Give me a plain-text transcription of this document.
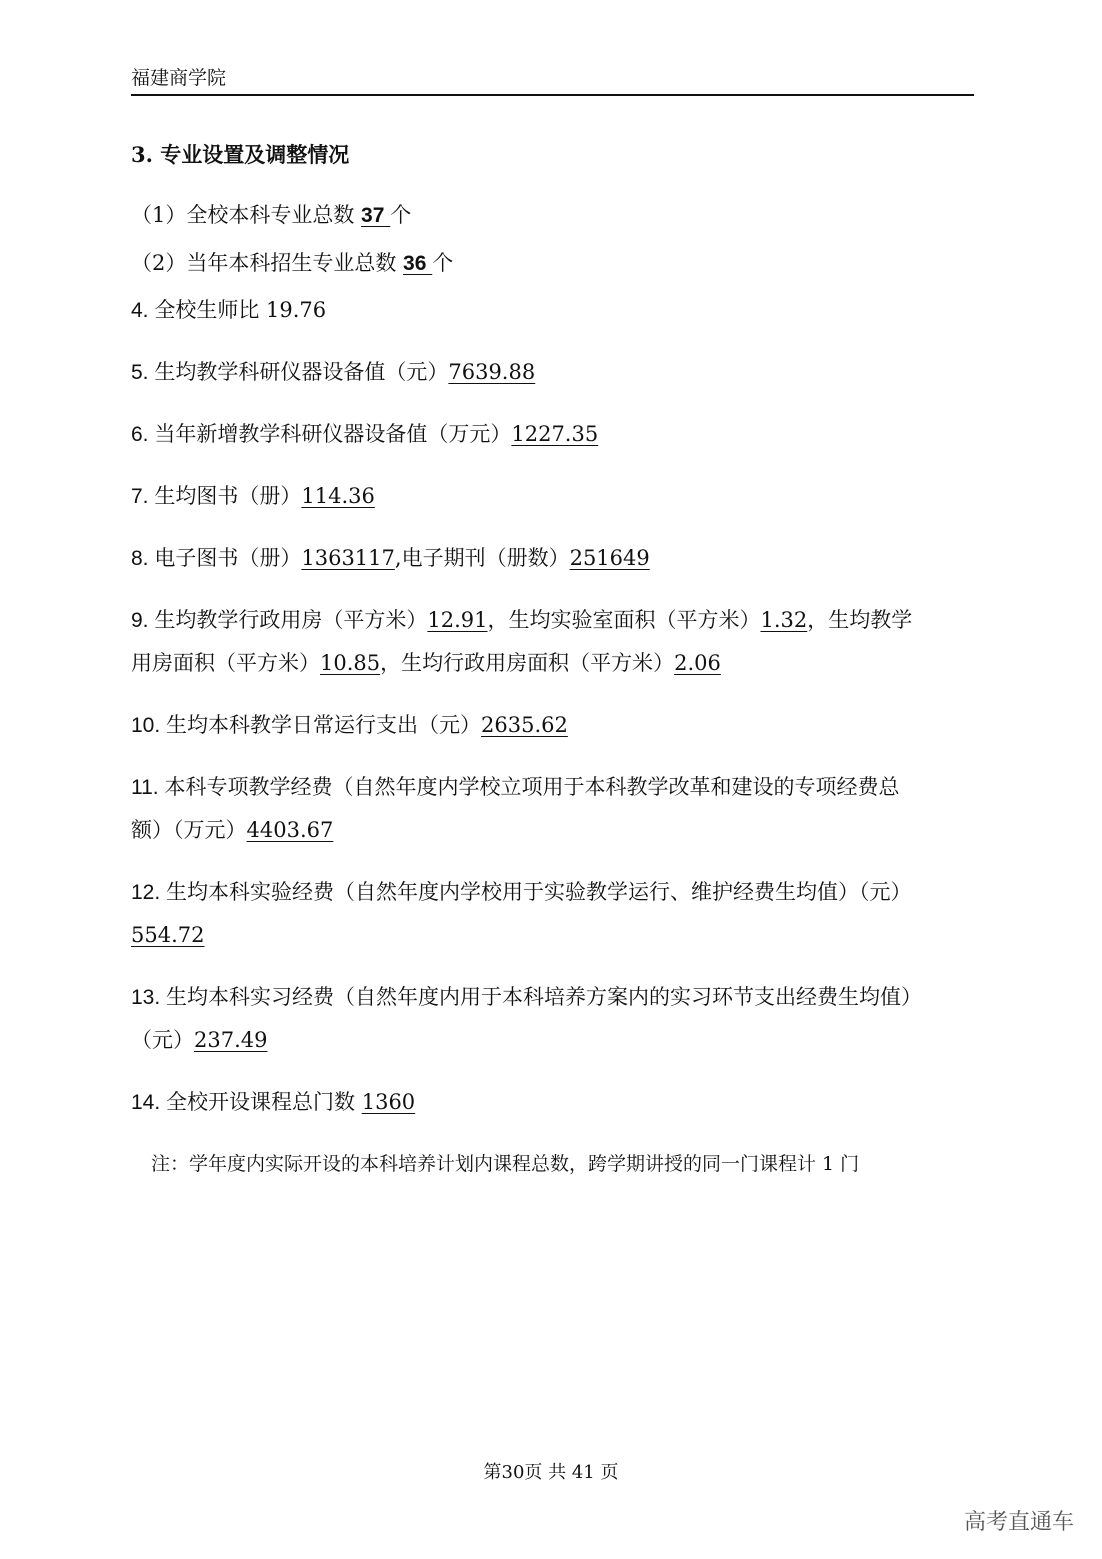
福建商学院
3. 专业设置及调整情况
（1）全校本科专业总数 37 个
（2）当年本科招生专业总数 36 个
4. 全校生师比 19.76
5. 生均教学科研仪器设备值（元）7639.88
6. 当年新增教学科研仪器设备值（万元）1227.35
7. 生均图书（册）114.36
8. 电子图书（册）1363117,电子期刊（册数）251649
9. 生均教学行政用房（平方米）12.91，生均实验室面积（平方米）1.32，生均教学
用房面积（平方米）10.85，生均行政用房面积（平方米）2.06
10. 生均本科教学日常运行支出（元）2635.62
11. 本科专项教学经费（自然年度内学校立项用于本科教学改革和建设的专项经费总
额）（万元）4403.67
12. 生均本科实验经费（自然年度内学校用于实验教学运行、维护经费生均值）（元）
554.72
13. 生均本科实习经费（自然年度内用于本科培养方案内的实习环节支出经费生均值）
（元）237.49
14. 全校开设课程总门数 1360
注：学年度内实际开设的本科培养计划内课程总数，跨学期讲授的同一门课程计 1 门
第30页 共 41 页
高考直通车
